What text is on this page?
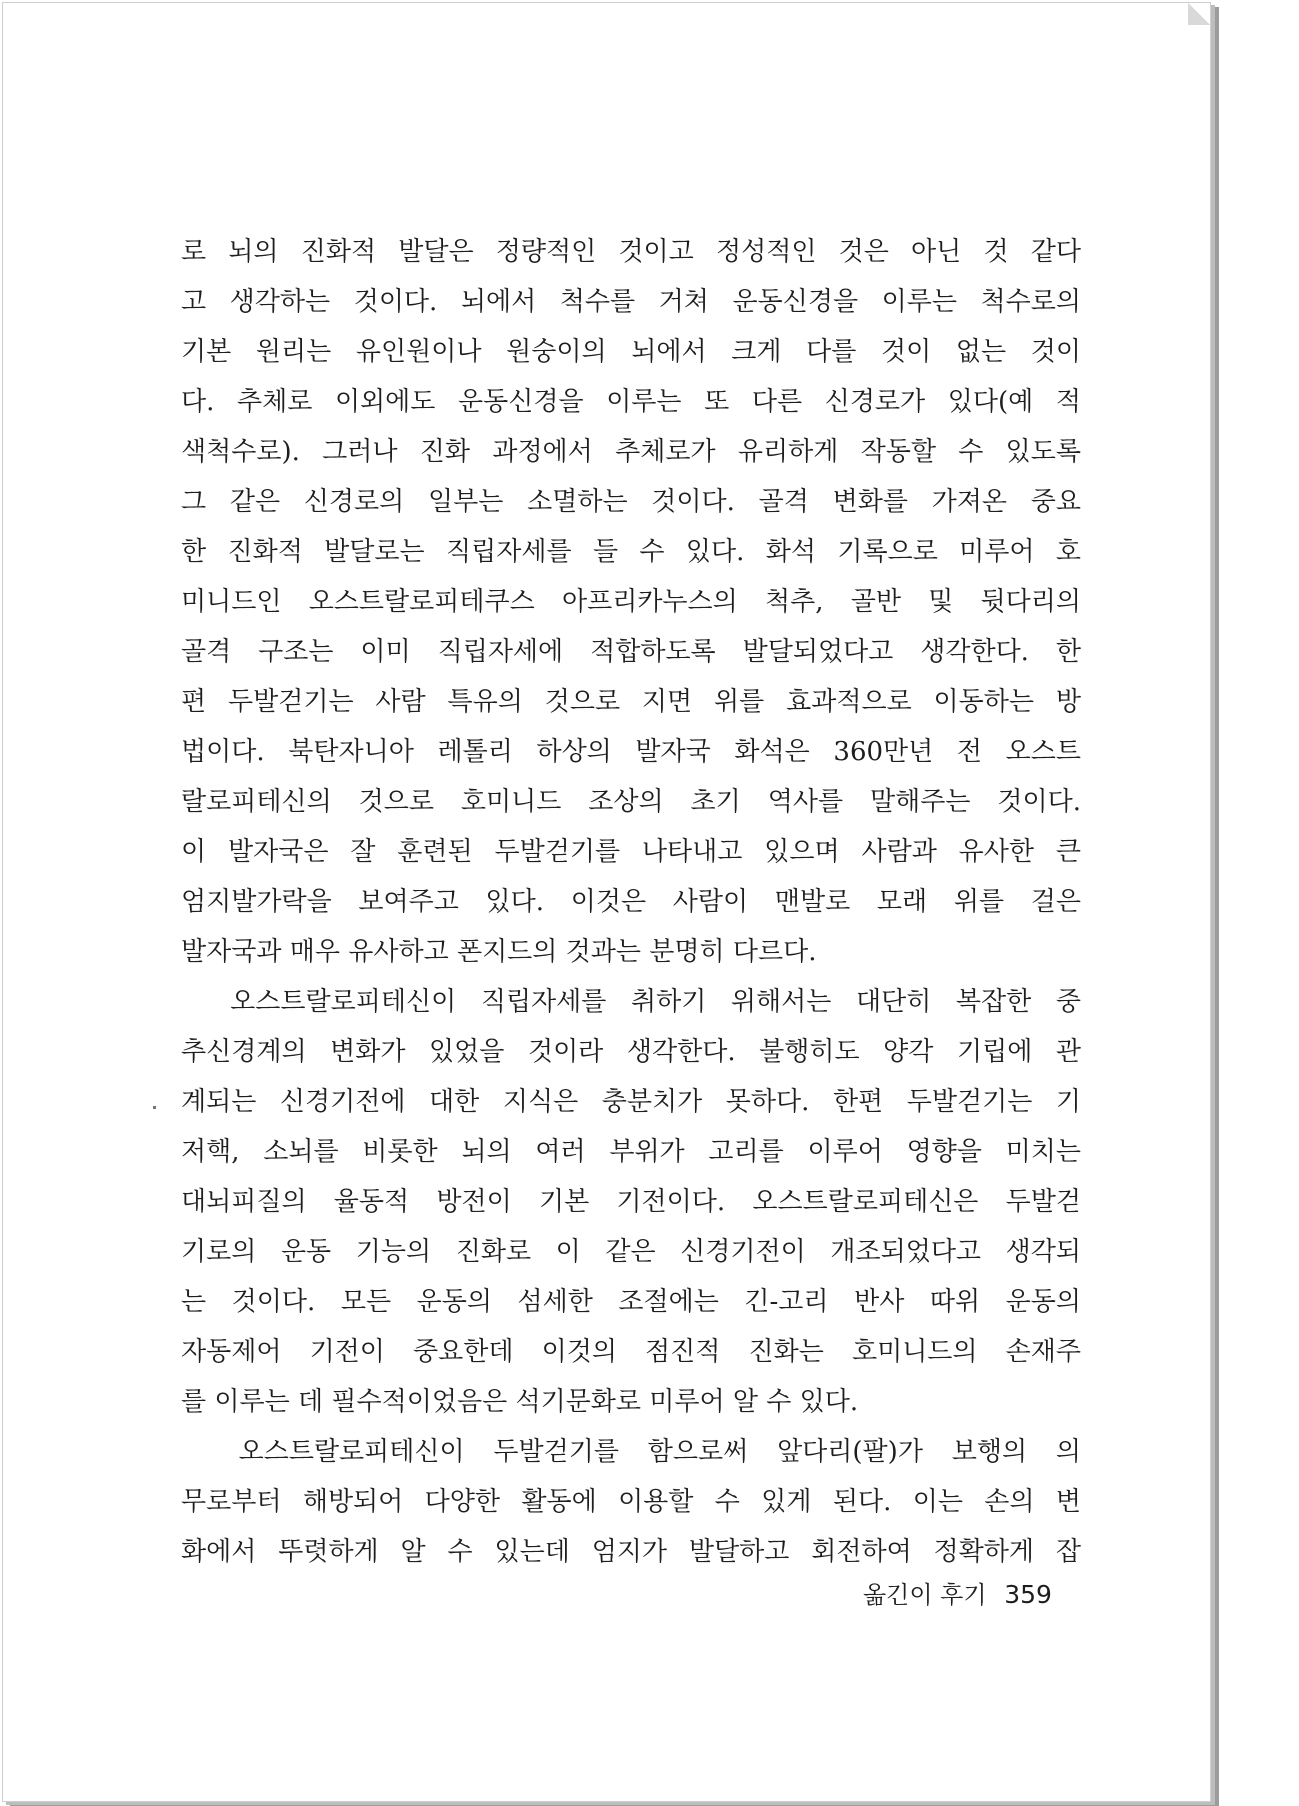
로 뇌의 진화적 발달은 정량적인 것이고 정성적인 것은 아닌 것 같다
고 생각하는 것이다. 뇌에서 척수를 거쳐 운동신경을 이루는 척수로의
기본 원리는 유인원이나 원숭이의 뇌에서 크게 다를 것이 없는 것이
다. 추체로 이외에도 운동신경을 이루는 또 다른 신경로가 있다(예 적
색척수로). 그러나 진화 과정에서 추체로가 유리하게 작동할 수 있도록
그 같은 신경로의 일부는 소멸하는 것이다. 골격 변화를 가져온 중요
한 진화적 발달로는 직립자세를 들 수 있다. 화석 기록으로 미루어 호
미니드인 오스트랄로피테쿠스 아프리카누스의 척추, 골반 및 뒷다리의
골격 구조는 이미 직립자세에 적합하도록 발달되었다고 생각한다. 한
편 두발걷기는 사람 특유의 것으로 지면 위를 효과적으로 이동하는 방
법이다. 북탄자니아 레톨리 하상의 발자국 화석은 360만년 전 오스트
랄로피테신의 것으로 호미니드 조상의 초기 역사를 말해주는 것이다.
이 발자국은 잘 훈련된 두발걷기를 나타내고 있으며 사람과 유사한 큰
엄지발가락을 보여주고 있다. 이것은 사람이 맨발로 모래 위를 걸은
발자국과 매우 유사하고 폰지드의 것과는 분명히 다르다.
오스트랄로피테신이 직립자세를 취하기 위해서는 대단히 복잡한 중
추신경계의 변화가 있었을 것이라 생각한다. 불행히도 양각 기립에 관
계되는 신경기전에 대한 지식은 충분치가 못하다. 한편 두발걷기는 기
저핵, 소뇌를 비롯한 뇌의 여러 부위가 고리를 이루어 영향을 미치는
대뇌피질의 율동적 방전이 기본 기전이다. 오스트랄로피테신은 두발걷
기로의 운동 기능의 진화로 이 같은 신경기전이 개조되었다고 생각되
는 것이다. 모든 운동의 섬세한 조절에는 긴-고리 반사 따위 운동의
자동제어 기전이 중요한데 이것의 점진적 진화는 호미니드의 손재주
를 이루는 데 필수적이었음은 석기문화로 미루어 알 수 있다.
오스트랄로피테신이 두발걷기를 함으로써 앞다리(팔)가 보행의 의
무로부터 해방되어 다양한 활동에 이용할 수 있게 된다. 이는 손의 변
화에서 뚜렷하게 알 수 있는데 엄지가 발달하고 회전하여 정확하게 잡
옮긴이 후기 359
